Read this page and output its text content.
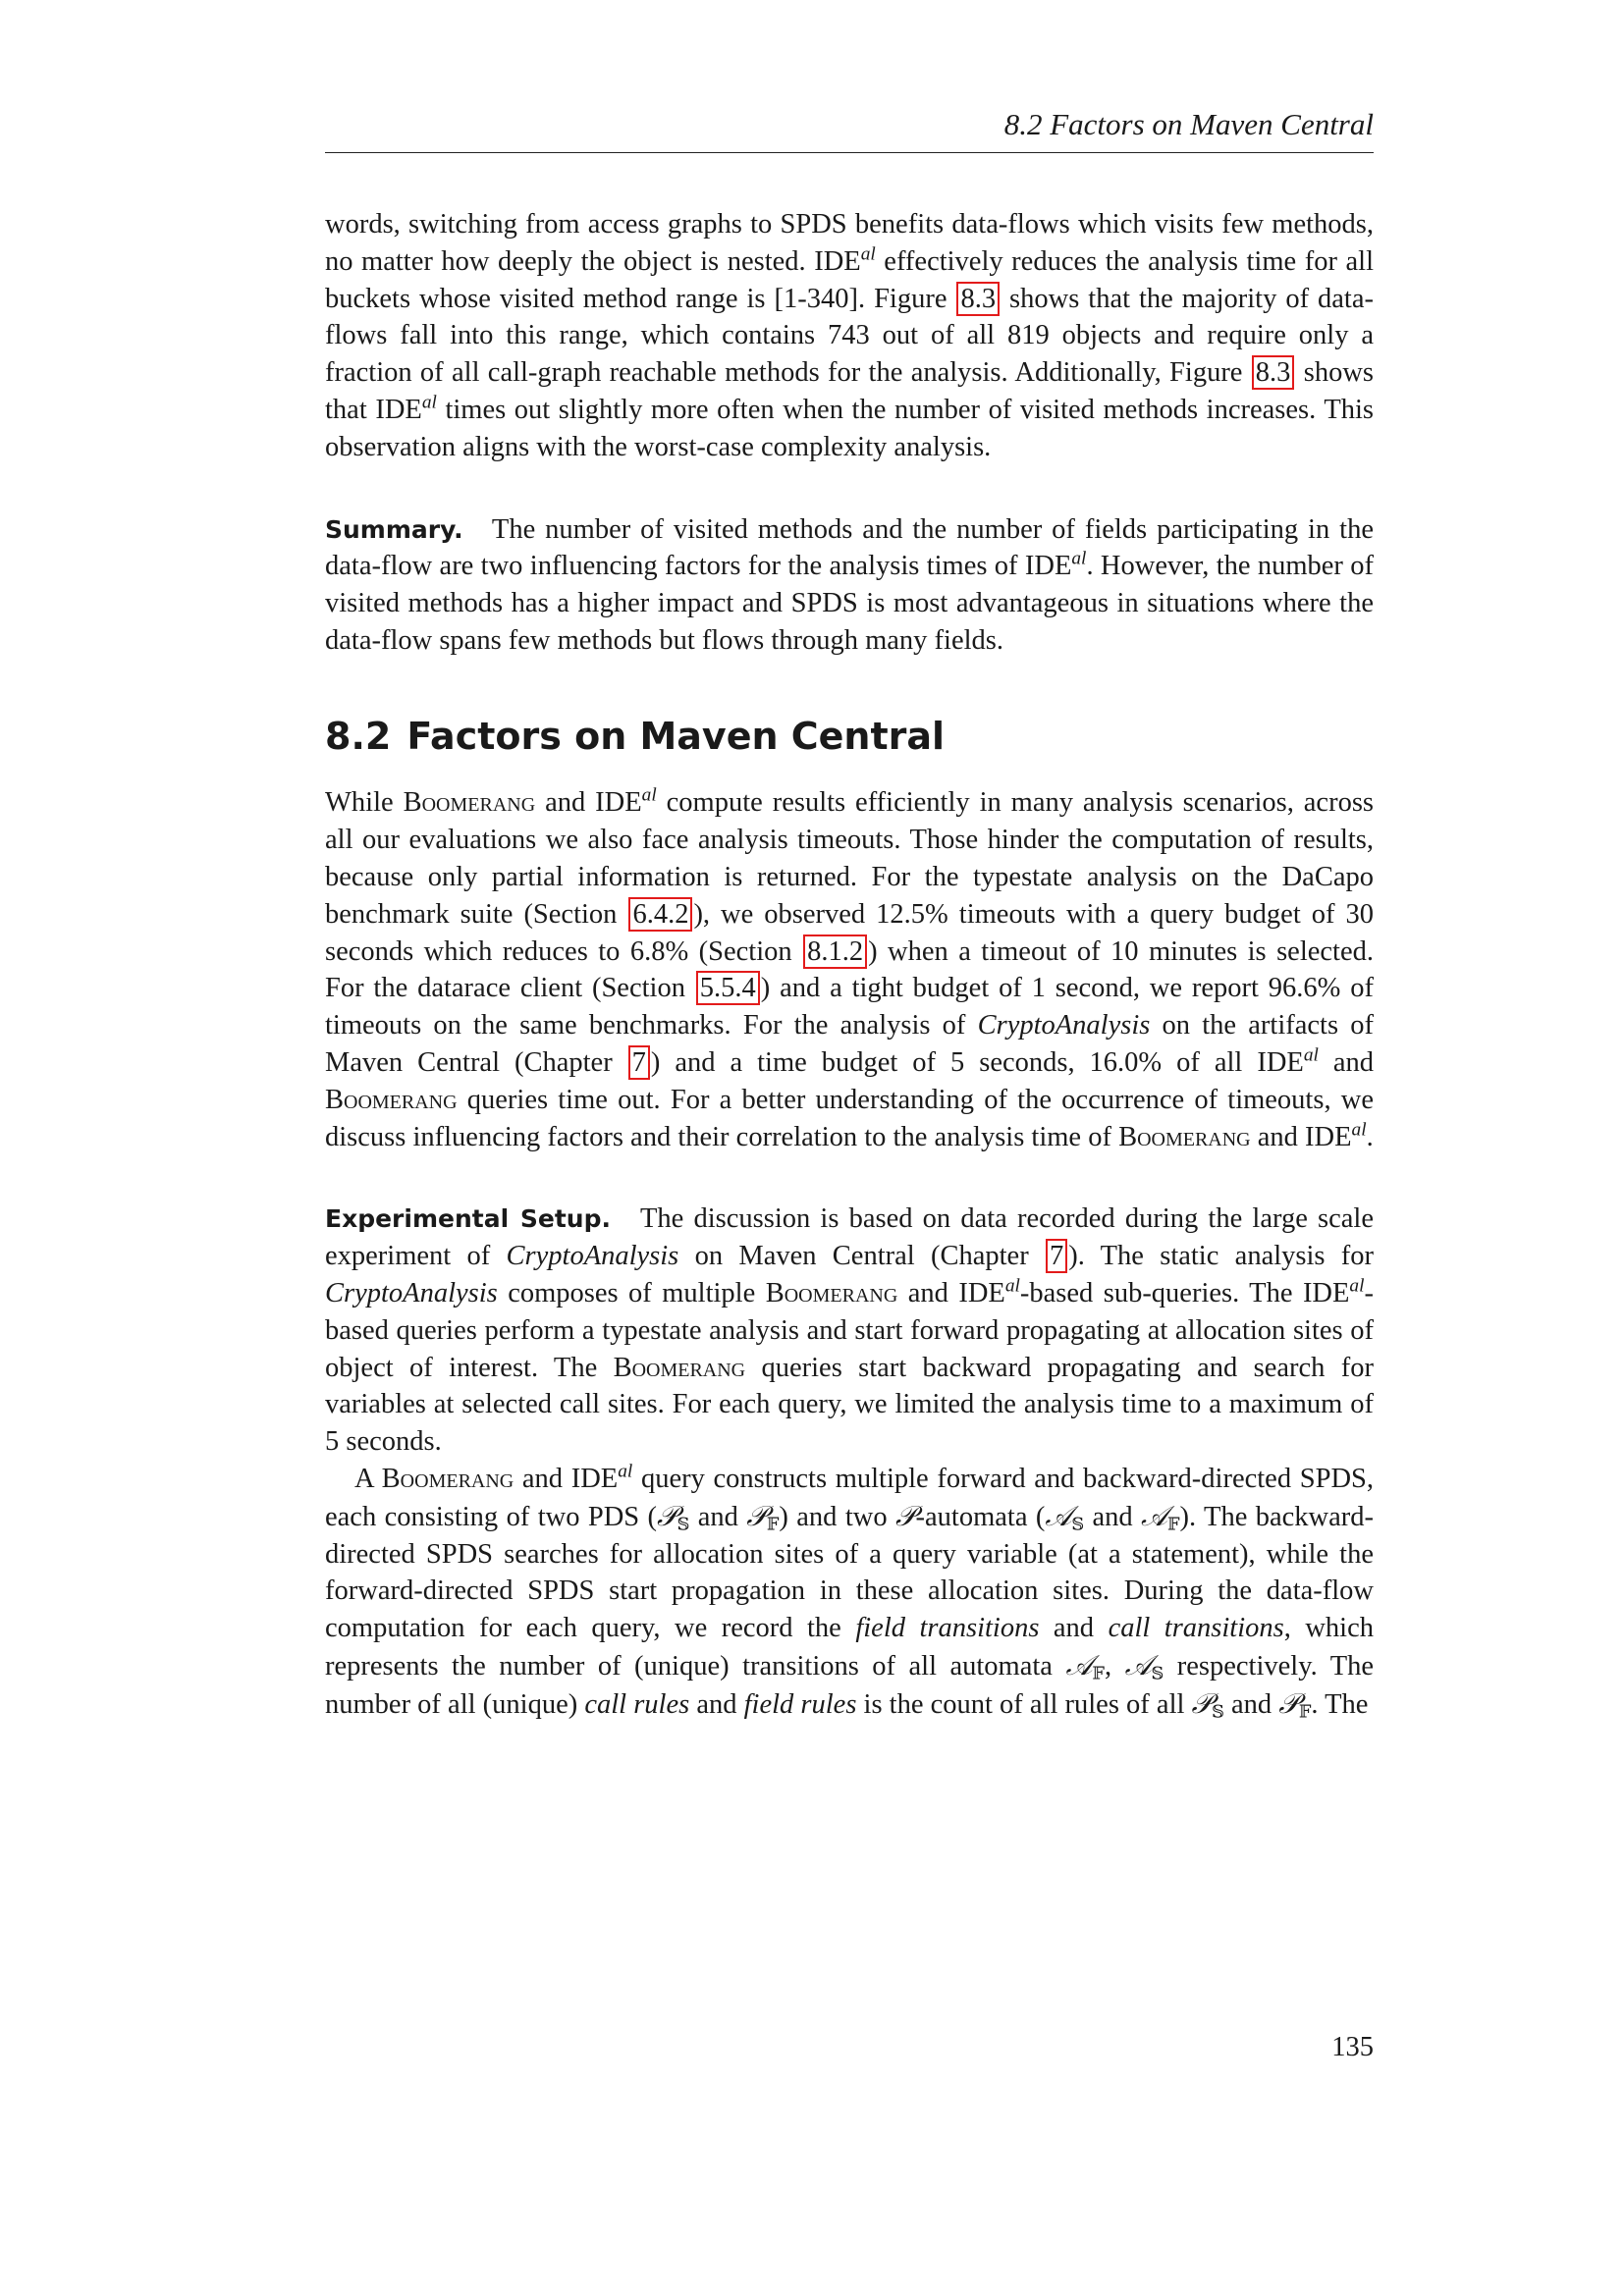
8.2 Factors on Maven Central

words, switching from access graphs to SPDS benefits data-flows which visits few methods, no matter how deeply the object is nested. $IDE^{al}$ effectively reduces the analysis time for all buckets whose visited method range is [1-340]. Figure 8.3 shows that the majority of data-flows fall into this range, which contains 743 out of all 819 objects and require only a fraction of all call-graph reachable methods for the analysis. Additionally, Figure 8.3 shows that $IDE^{al}$ times out slightly more often when the number of visited methods increases. This observation aligns with the worst-case complexity analysis.

Summary. The number of visited methods and the number of fields participating in the data-flow are two influencing factors for the analysis times of $IDE^{al}$. However, the number of visited methods has a higher impact and SPDS is most advantageous in situations where the data-flow spans few methods but flows through many fields.

8.2 Factors on Maven Central

While Boomerang and $IDE^{al}$ compute results efficiently in many analysis scenarios, across all our evaluations we also face analysis timeouts. Those hinder the computation of results, because only partial information is returned. For the typestate analysis on the DaCapo benchmark suite (Section 6.4.2 ), we observed 12.5% timeouts with a query budget of 30 seconds which reduces to 6.8% (Section 8.1.2 ) when a timeout of 10 minutes is selected. For the datarace client (Section 5.5.4 ) and a tight budget of 1 second, we report 96.6% of timeouts on the same benchmarks. For the analysis of CryptoAnalysis on the artifacts of Maven Central (Chapter 7 ) and a time budget of 5 seconds, 16.0% of all $IDE^{al}$ and Boomerang queries time out. For a better understanding of the occurrence of timeouts, we discuss influencing factors and their correlation to the analysis time of Boomerang and $IDE^{al}$.

Experimental Setup. The discussion is based on data recorded during the large scale experiment of CryptoAnalysis on Maven Central (Chapter 7 ). The static analysis for CryptoAnalysis composes of multiple Boomerang and $IDE^{al}$-based sub-queries. The $IDE^{al}$-based queries perform a typestate analysis and start forward propagating at allocation sites of object of interest. The Boomerang queries start backward propagating and search for variables at selected call sites. For each query, we limited the analysis time to a maximum of 5 seconds.

A Boomerang and $IDE^{al}$ query constructs multiple forward and backward-directed SPDS, each consisting of two PDS (𝒫$_𝕊$ and 𝒫$_𝔽$) and two 𝒫-automata (𝒜$_𝕊$ and 𝒜$_𝔽$). The backward-directed SPDS searches for allocation sites of a query variable (at a statement), while the forward-directed SPDS start propagation in these allocation sites. During the data-flow computation for each query, we record the field transitions and call transitions, which represents the number of (unique) transitions of all automata 𝒜$_𝔽$, 𝒜$_𝕊$ respectively. The number of all (unique) call rules and field rules is the count of all rules of all 𝒫$_𝕊$ and 𝒫$_𝔽$. The

135
